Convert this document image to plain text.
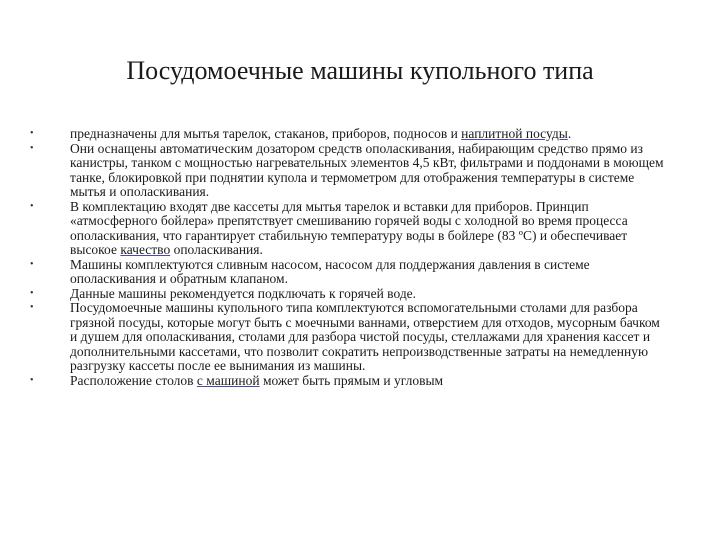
Посудомоечные машины купольного типа
•	предназначены для мытья тарелок, стаканов, приборов, подносов и наплитной посуды.
•	Они оснащены автоматическим дозатором средств ополаскивания, набирающим средство прямо из канистры, танком с мощностью нагревательных элементов 4,5 кВт, фильтрами и поддонами в моющем танке, блокировкой при поднятии купола и термометром для отображения температуры в системе мытья и ополаскивания.
•	В комплектацию входят две кассеты для мытья тарелок и вставки для приборов. Принцип «атмосферного бойлера» препятствует смешиванию горячей воды с холодной во время процесса ополаскивания, что гарантирует стабильную температуру воды в бойлере (83 ºС) и обеспечивает высокое качество ополаскивания.
•	Машины комплектуются сливным насосом, насосом для поддержания давления в системе ополаскивания и обратным клапаном.
•	Данные машины рекомендуется подключать к горячей воде.
•	Посудомоечные машины купольного типа комплектуются вспомогательными столами для разбора грязной посуды, которые могут быть с моечными ваннами, отверстием для отходов, мусорным бачком и душем для ополаскивания, столами для разбора чистой посуды, стеллажами для хранения кассет и дополнительными кассетами, что позволит сократить непроизводственные затраты на немедленную разгрузку кассеты после ее вынимания из машины.
•	Расположение столов с машиной может быть прямым и угловым
